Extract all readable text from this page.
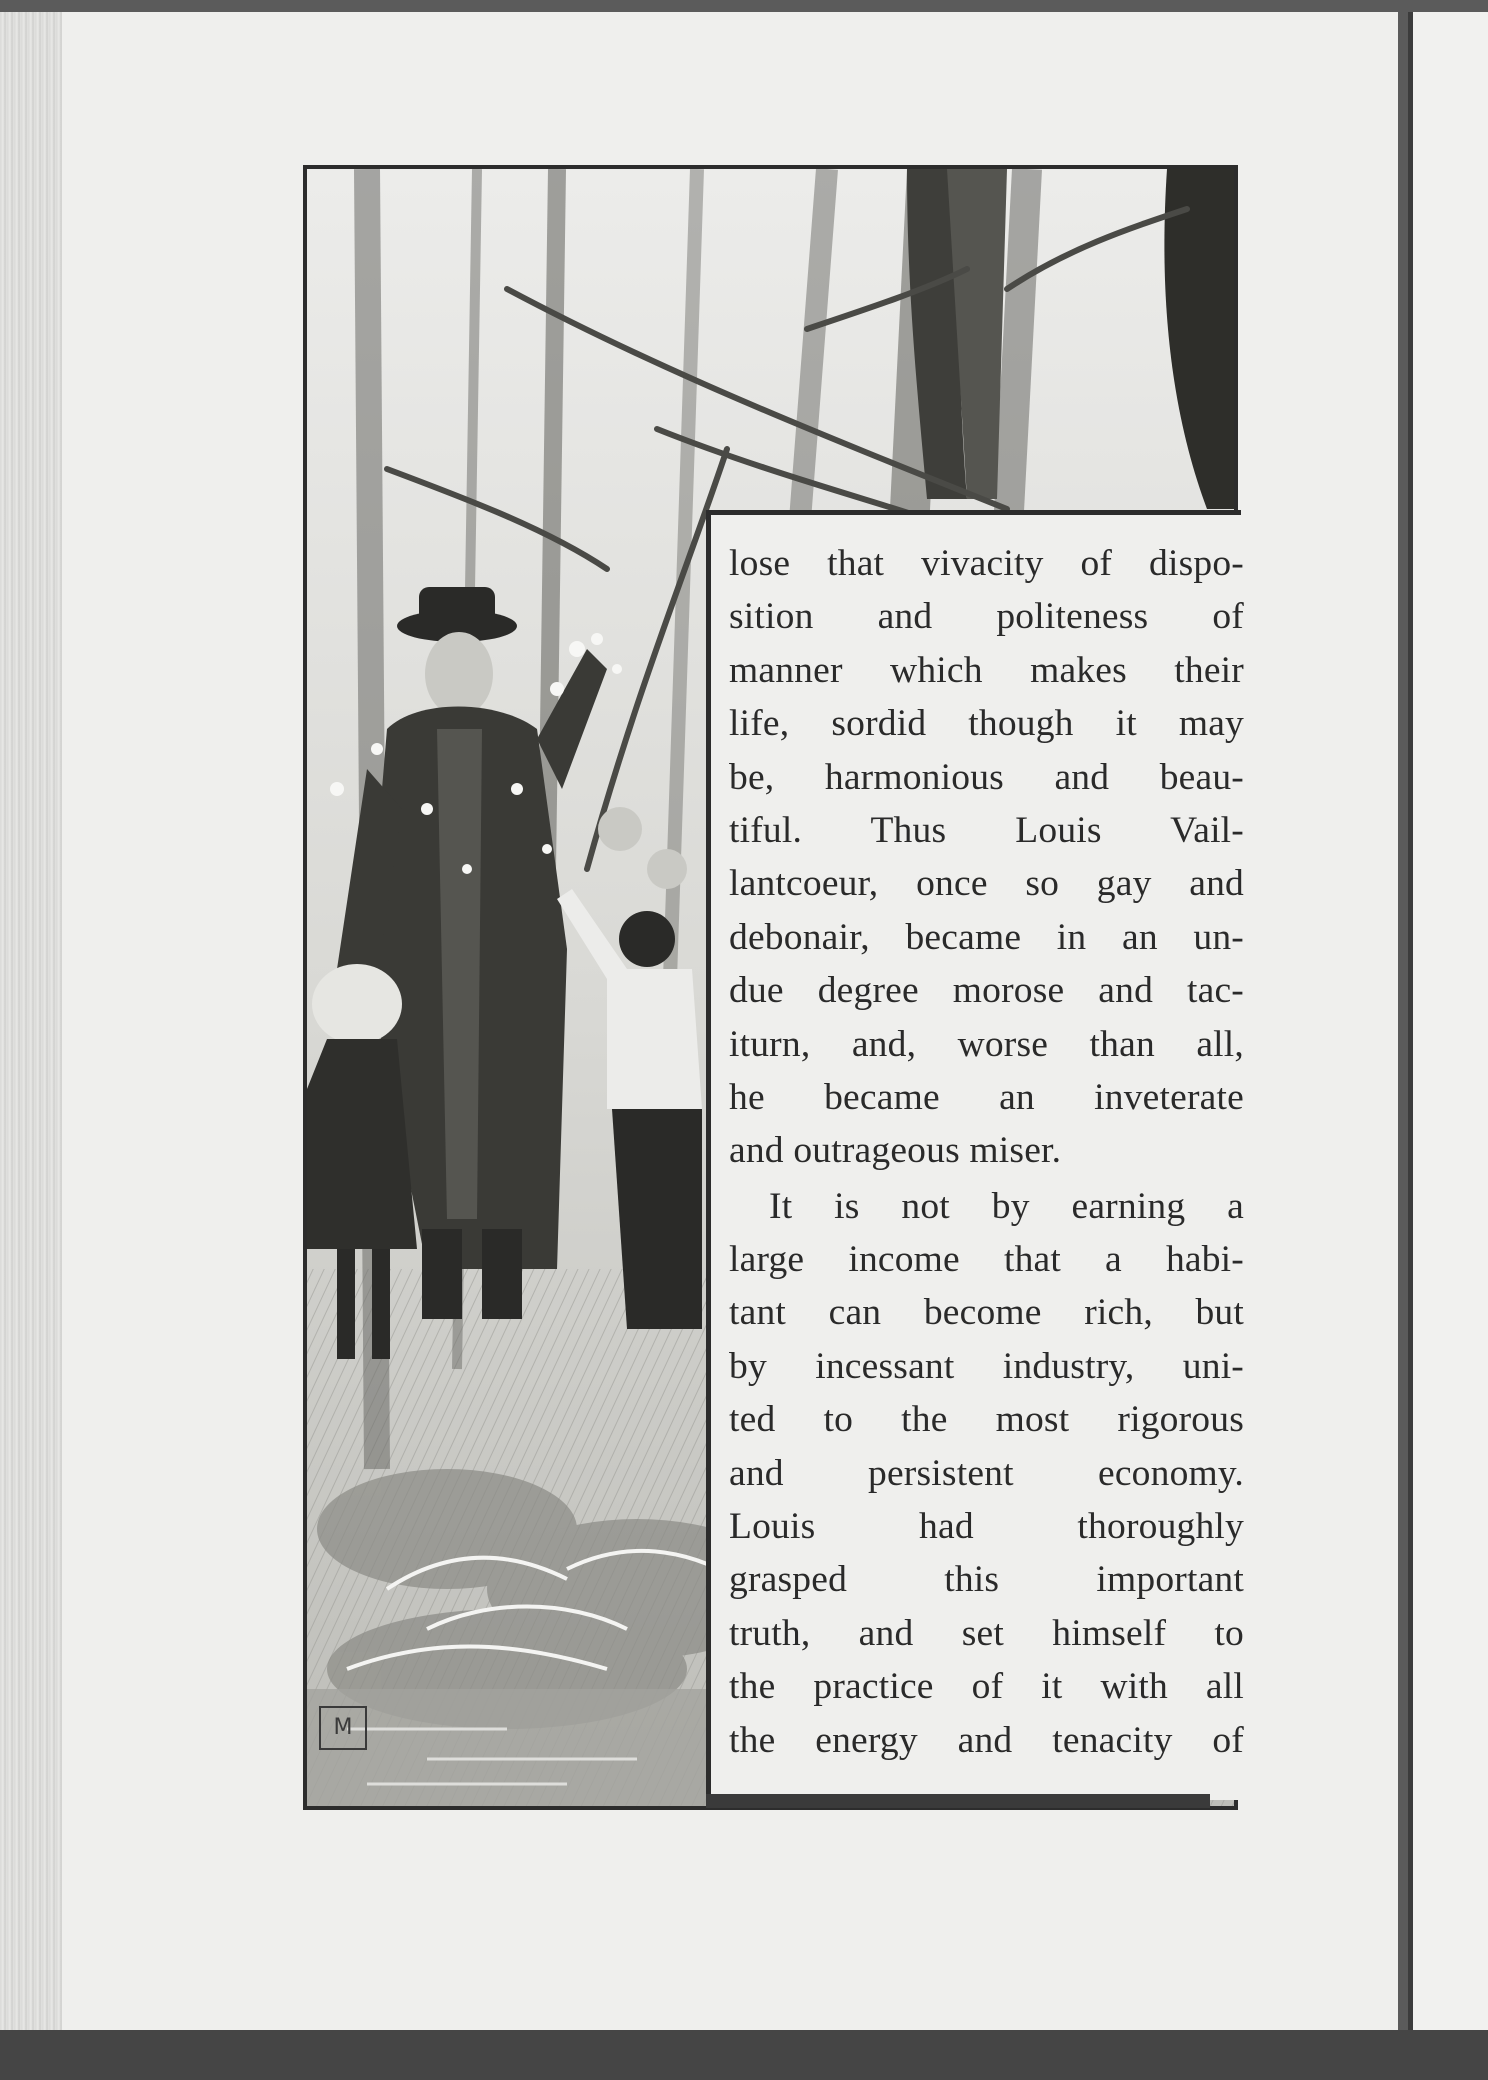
M
lose that vivacity of dispo-
sition and politeness of
manner which makes their
life, sordid though it may
be, harmonious and beau-
tiful. Thus Louis Vail-
lantcoeur, once so gay and
debonair, became in an un-
due degree morose and tac-
iturn, and, worse than all,
he became an inveterate
and outrageous miser.
It is not by earning a
large income that a habi-
tant can become rich, but
by incessant industry, uni-
ted to the most rigorous
and persistent economy.
Louis had thoroughly
grasped this important
truth, and set himself to
the practice of it with all
the energy and tenacity of
